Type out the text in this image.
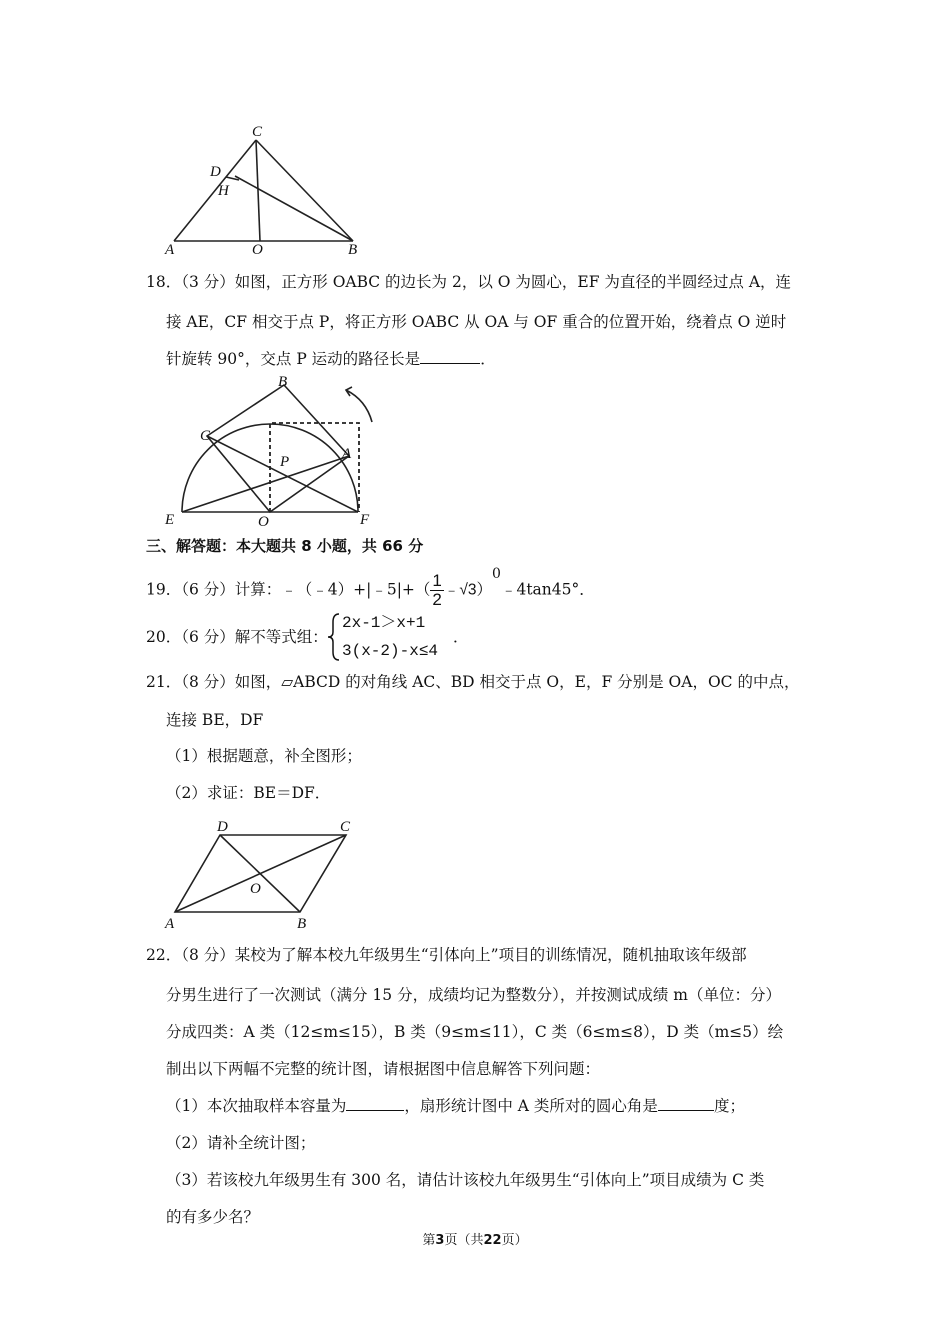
C
D
H
A	O	B
18．（3 分）如图，正方形 OABC 的边长为 2，以 O 为圆心，EF 为直径的半圆经过点 A，连
接 AE，CF 相交于点 P，将正方形 OABC 从 OA 与 OF 重合的位置开始，绕着点 O 逆时
针旋转 90°，交点 P 运动的路径长是	．
B
C
P	A
E	O	F
三、解答题：本大题共 8 小题，共 66 分
19．（6 分）计算：﹣（﹣4）+|﹣5|+（ $\frac{1}{2}$ ﹣√3）$^0$﹣4tan45°．
20．（6 分）解不等式组：
2x-1＞x+1
3(x-2)-x≤4
．
21．（8 分）如图，▱ABCD 的对角线 AC、BD 相交于点 O，E，F 分别是 OA，OC 的中点，
连接 BE，DF
（1）根据题意，补全图形；
（2）求证：BE＝DF．
D	C
O
A	B
22．（8 分）某校为了解本校九年级男生“引体向上”项目的训练情况，随机抽取该年级部
分男生进行了一次测试（满分 15 分，成绩均记为整数分），并按测试成绩 m（单位：分）
分成四类：A 类（12≤m≤15），B 类（9≤m≤11），C 类（6≤m≤8），D 类（m≤5）绘
制出以下两幅不完整的统计图，请根据图中信息解答下列问题：
（1）本次抽取样本容量为	，扇形统计图中 A 类所对的圆心角是	度；
（2）请补全统计图；
（3）若该校九年级男生有 300 名，请估计该校九年级男生“引体向上”项目成绩为 C 类
的有多少名？
第3页（共22页）
